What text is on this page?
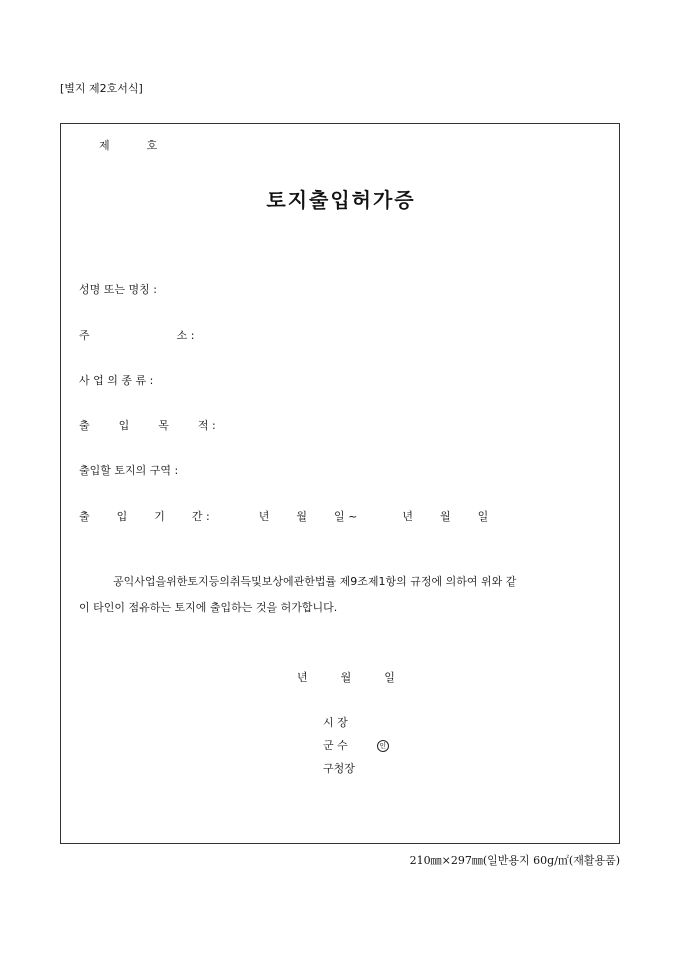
[별지 제2호서식]
제	호
토지출입허가증
성명 또는 명칭 :
주	소 :
사 업 의 종 류 :
출	입	목	적 :
출입할 토지의 구역 :
출 입 기 간 :	년 월 일 ~	년 월 일
공익사업을위한토지등의취득및보상에관한법률 제9조제1항의 규정에 의하여 위와 같
이 타인이 점유하는 토지에 출입하는 것을 허가합니다.
년	월	일
시 장
군 수	인
구청장
210㎜×297㎜(일반용지 60g/㎡(재활용품)
